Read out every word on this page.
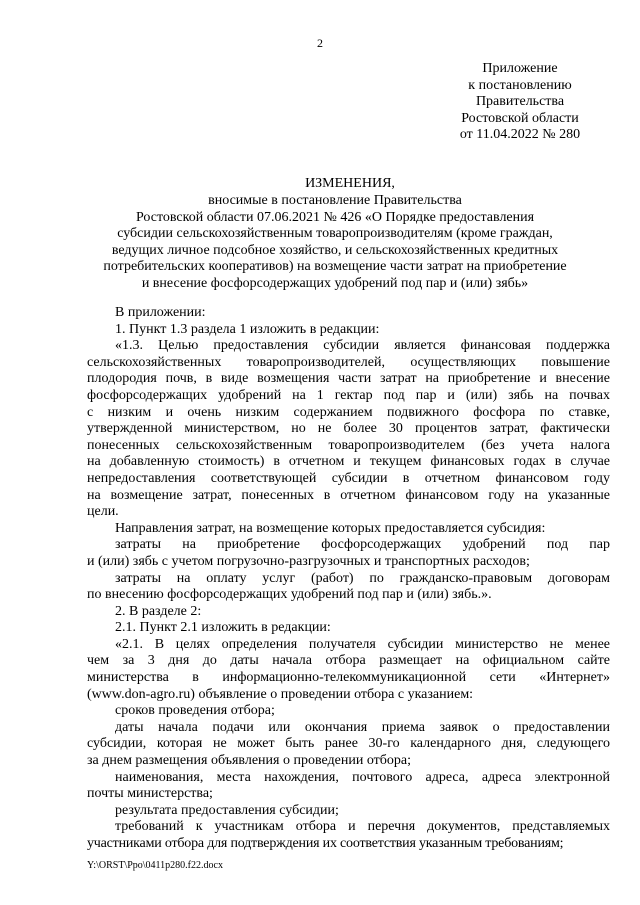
2
Приложение
к постановлению
Правительства
Ростовской области
от 11.04.2022 № 280
ИЗМЕНЕНИЯ,
вносимые в постановление Правительства
Ростовской области 07.06.2021 № 426 «О Порядке предоставления
субсидии сельскохозяйственным товаропроизводителям (кроме граждан,
ведущих личное подсобное хозяйство, и сельскохозяйственных кредитных
потребительских кооперативов) на возмещение части затрат на приобретение
и внесение фосфорсодержащих удобрений под пар и (или) зябь»

В приложении:

1. Пункт 1.3 раздела 1 изложить в редакции:

«1.3. Целью предоставления субсидии является финансовая поддержка
сельскохозяйственных товаропроизводителей, осуществляющих повышение
плодородия почв, в виде возмещения части затрат на приобретение и внесение
фосфорсодержащих удобрений на 1 гектар под пар и (или) зябь на почвах
с низким и очень низким содержанием подвижного фосфора по ставке,
утвержденной министерством, но не более 30 процентов затрат, фактически
понесенных сельскохозяйственным товаропроизводителем (без учета налога
на добавленную стоимость) в отчетном и текущем финансовых годах в случае
непредоставления соответствующей субсидии в отчетном финансовом году
на возмещение затрат, понесенных в отчетном финансовом году на указанные
цели.

Направления затрат, на возмещение которых предоставляется субсидия:

затраты на приобретение фосфорсодержащих удобрений под пар
и (или) зябь с учетом погрузочно-разгрузочных и транспортных расходов;

затраты на оплату услуг (работ) по гражданско-правовым договорам
по внесению фосфорсодержащих удобрений под пар и (или) зябь.».

2. В разделе 2:

2.1. Пункт 2.1 изложить в редакции:

«2.1. В целях определения получателя субсидии министерство не менее
чем за 3 дня до даты начала отбора размещает на официальном сайте
министерства в информационно-телекоммуникационной сети «Интернет»
(www.don-agro.ru) объявление о проведении отбора с указанием:

сроков проведения отбора;

даты начала подачи или окончания приема заявок о предоставлении
субсидии, которая не может быть ранее 30-го календарного дня, следующего
за днем размещения объявления о проведении отбора;

наименования, места нахождения, почтового адреса, адреса электронной
почты министерства;

результата предоставления субсидии;

требований к участникам отбора и перечня документов, представляемых
участниками отбора для подтверждения их соответствия указанным требованиям;

Y:\ORST\Ppo\0411p280.f22.docx
